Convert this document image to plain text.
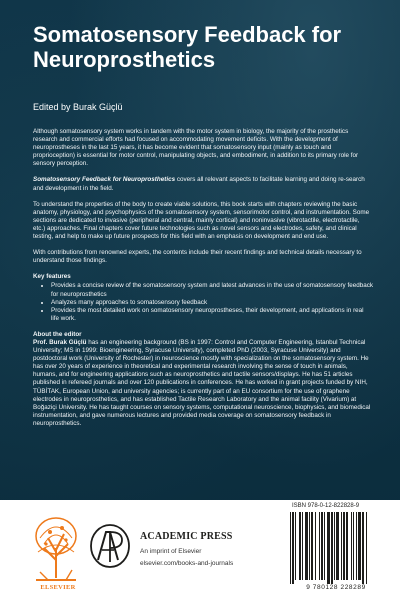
Somatosensory Feedback for Neuroprosthetics
Edited by Burak Güçlü

Although somatosensory system works in tandem with the motor system in biology, the majority of the prosthetics research and commercial efforts had focused on accommodating movement deficits. With the development of neuroprostheses in the last 15 years, it has become evident that somatosensory input (mainly as touch and proprioception) is essential for motor control, manipulating objects, and embodiment, in addition to its primary role for sensory perception.

Somatosensory Feedback for Neuroprosthetics covers all relevant aspects to facilitate learning and doing re-search and development in the field.

To understand the properties of the body to create viable solutions, this book starts with chapters reviewing the basic anatomy, physiology, and psychophysics of the somatosensory system, sensorimotor control, and instrumentation. Some sections are dedicated to invasive (peripheral and central, mainly cortical) and noninvasive (vibrotactile, electrotactile, etc.) approaches. Final chapters cover future technologies such as novel sensors and electrodes, safety, and clinical testing, and help to make up future prospects for this field with an emphasis on development and end use.

With contributions from renowned experts, the contents include their recent findings and technical details necessary to understand those findings.

Key features
• Provides a concise review of the somatosensory system and latest advances in the use of somatosensory feedback for neuroprosthetics
• Analyzes many approaches to somatosensory feedback
• Provides the most detailed work on somatosensory neuroprostheses, their development, and applications in real life work.
About the editor
Prof. Burak Güçlü has an engineering background (BS in 1997: Control and Computer Engineering, Istanbul Technical University; MS in 1999: Bioengineering, Syracuse University), completed PhD (2003, Syracuse University) and postdoctoral work (University of Rochester) in neuroscience mostly with specialization on the somatosensory system. He has over 20 years of experience in theoretical and experimental research involving the sense of touch in animals, humans, and for engineering applications such as neuroprosthetics and tactile sensors/displays. He has 51 articles published in refereed journals and over 120 publications in conferences. He has worked in grant projects funded by NIH, TÜBİTAK, European Union, and university agencies; is currently part of an EU consortium for the use of graphene electrodes in neuroprosthetics, and has established Tactile Research Laboratory and the animal facility (Vivarium) at Boğaziçi University. He has taught courses on sensory systems, computational neuroscience, biophysics, and biomedical instrumentation, and gave numerous lectures and provided media coverage on somatosensory feedback in neuroprosthetics.
ELSEVIER
ACADEMIC PRESS
An imprint of Elsevier
elsevier.com/books-and-journals
ISBN 978-0-12-822828-9
9 780128 228289
